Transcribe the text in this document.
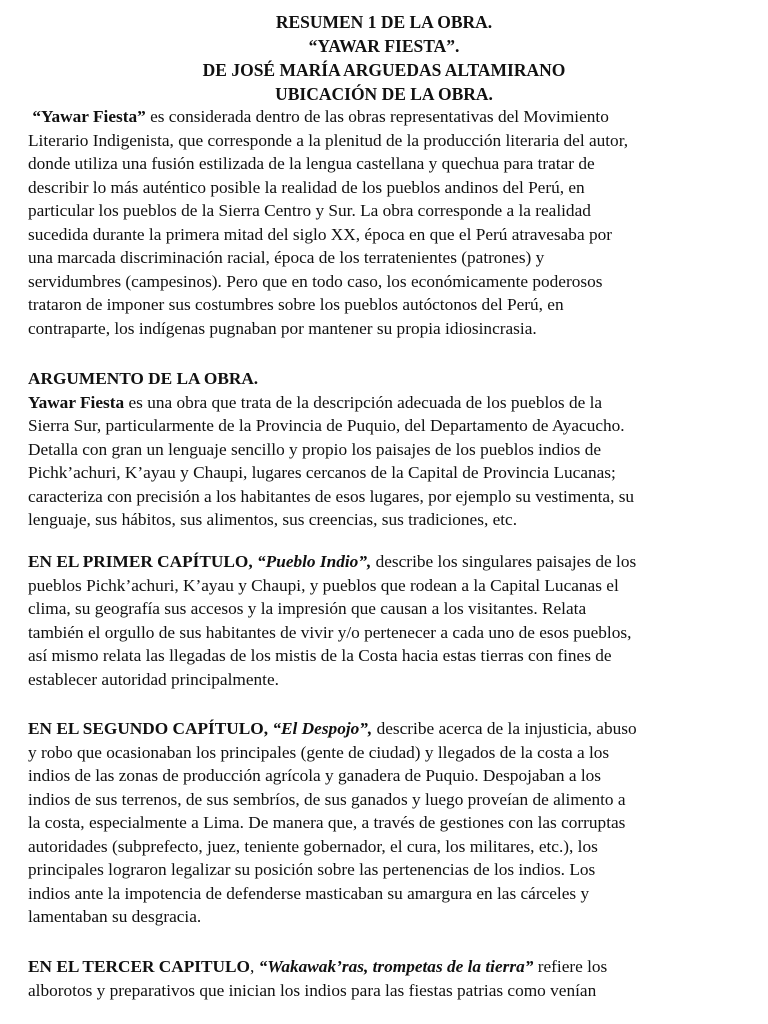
RESUMEN 1 DE LA OBRA.
“YAWAR FIESTA”.
DE JOSÉ MARÍA ARGUEDAS ALTAMIRANO
UBICACIÓN DE LA OBRA.
“Yawar Fiesta” es considerada dentro de las obras representativas del Movimiento
Literario Indigenista, que corresponde a la plenitud de la producción literaria del autor,
donde utiliza una fusión estilizada de la lengua castellana y quechua para tratar de
describir lo más auténtico posible la realidad de los pueblos andinos del Perú, en
particular los pueblos de la Sierra Centro y Sur. La obra corresponde a la realidad
sucedida durante la primera mitad del siglo XX, época en que el Perú atravesaba por
una marcada discriminación racial, época de los terratenientes (patrones) y
servidumbres (campesinos). Pero que en todo caso, los económicamente poderosos
trataron de imponer sus costumbres sobre los pueblos autóctonos del Perú, en
contraparte, los indígenas pugnaban por mantener su propia idiosincrasia.
ARGUMENTO DE LA OBRA.
Yawar Fiesta es una obra que trata de la descripción adecuada de los pueblos de la
Sierra Sur, particularmente de la Provincia de Puquio, del Departamento de Ayacucho.
Detalla con gran un lenguaje sencillo y propio los paisajes de los pueblos indios de
Pichk’achuri, K’ayau y Chaupi, lugares cercanos de la Capital de Provincia Lucanas;
caracteriza con precisión a los habitantes de esos lugares, por ejemplo su vestimenta, su
lenguaje, sus hábitos, sus alimentos, sus creencias, sus tradiciones, etc.
EN EL PRIMER CAPÍTULO, “Pueblo Indio”, describe los singulares paisajes de los
pueblos Pichk’achuri, K’ayau y Chaupi, y pueblos que rodean a la Capital Lucanas el
clima, su geografía sus accesos y la impresión que causan a los visitantes. Relata
también el orgullo de sus habitantes de vivir y/o pertenecer a cada uno de esos pueblos,
así mismo relata las llegadas de los mistis de la Costa hacia estas tierras con fines de
establecer autoridad principalmente.
EN EL SEGUNDO CAPÍTULO, “El Despojo”, describe acerca de la injusticia, abuso
y robo que ocasionaban los principales (gente de ciudad) y llegados de la costa a los
indios de las zonas de producción agrícola y ganadera de Puquio. Despojaban a los
indios de sus terrenos, de sus sembríos, de sus ganados y luego proveían de alimento a
la costa, especialmente a Lima. De manera que, a través de gestiones con las corruptas
autoridades (subprefecto, juez, teniente gobernador, el cura, los militares, etc.), los
principales lograron legalizar su posición sobre las pertenencias de los indios. Los
indios ante la impotencia de defenderse masticaban su amargura en las cárceles y
lamentaban su desgracia.
EN EL TERCER CAPITULO, “Wakawak’ras, trompetas de la tierra” refiere los
alborotos y preparativos que inician los indios para las fiestas patrias como venían
